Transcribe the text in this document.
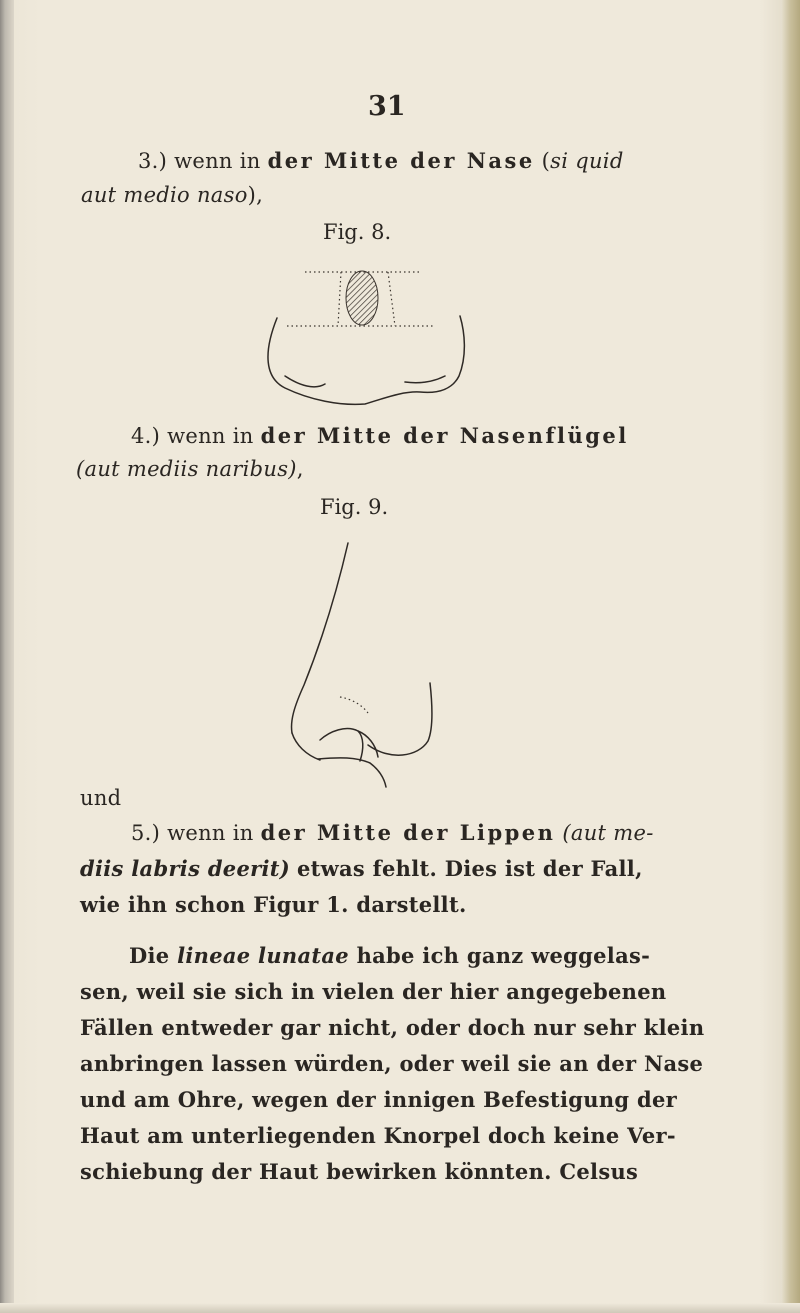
31
3.) wenn in der Mitte der Nase (si quid
aut medio naso),
Fig. 8.
4.) wenn in der Mitte der Nasenflügel
(aut mediis naribus),
Fig. 9.
und
5.) wenn in der Mitte der Lippen (aut me-
diis labris deerit) etwas fehlt. Dies ist der Fall,
wie ihn schon Figur 1. darstellt.
Die lineae lunatae habe ich ganz weggelas-
sen, weil sie sich in vielen der hier angegebenen
Fällen entweder gar nicht, oder doch nur sehr klein
anbringen lassen würden, oder weil sie an der Nase
und am Ohre, wegen der innigen Befestigung der
Haut am unterliegenden Knorpel doch keine Ver-
schiebung der Haut bewirken könnten. Celsus
